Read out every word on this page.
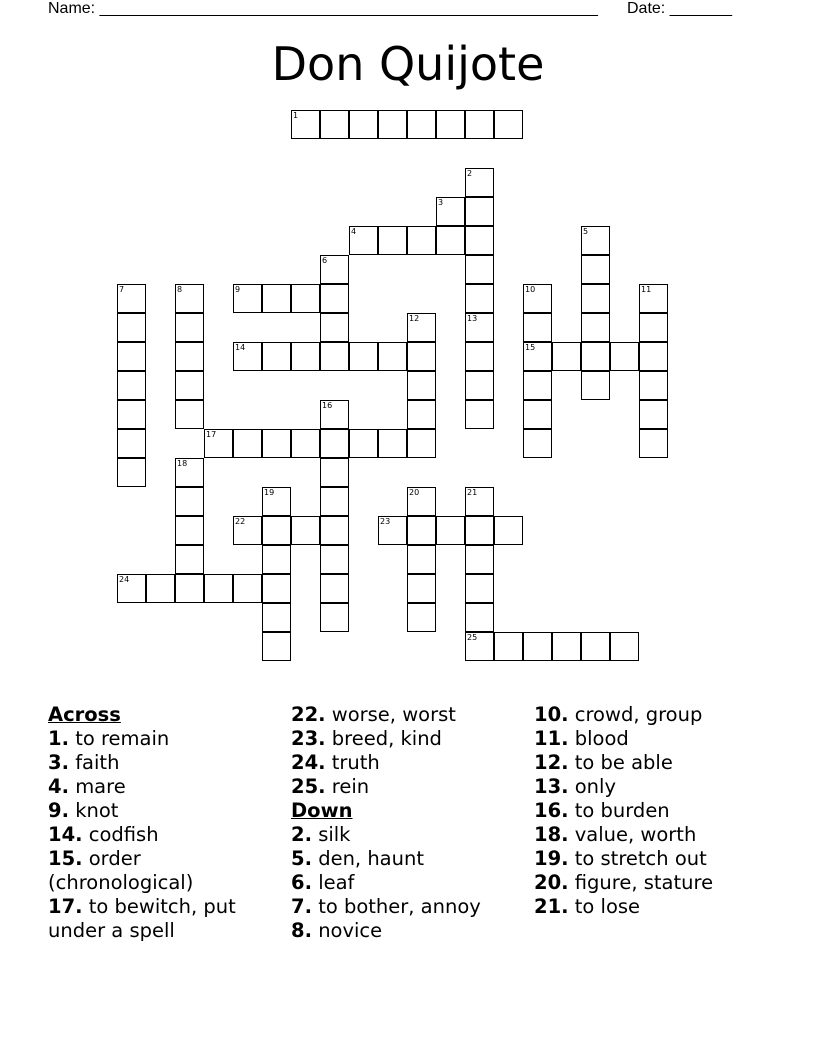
Name: ________________________________________________________ Date: _______
Don Quijote
1
3
4
9
14	15
17
22	23
24
25
2
5
6
7	8	10	11
12	13
16
18
19	20	21

Across

1. to remain

3. faith

4. mare

9. knot

14. codfish

15. order (chronological)

17. to bewitch, put under a spell

22. worse, worst

23. breed, kind

24. truth

25. rein

Down

2. silk

5. den, haunt

6. leaf

7. to bother, annoy

8. novice

10. crowd, group

11. blood

12. to be able

13. only

16. to burden

18. value, worth

19. to stretch out

20. figure, stature

21. to lose
